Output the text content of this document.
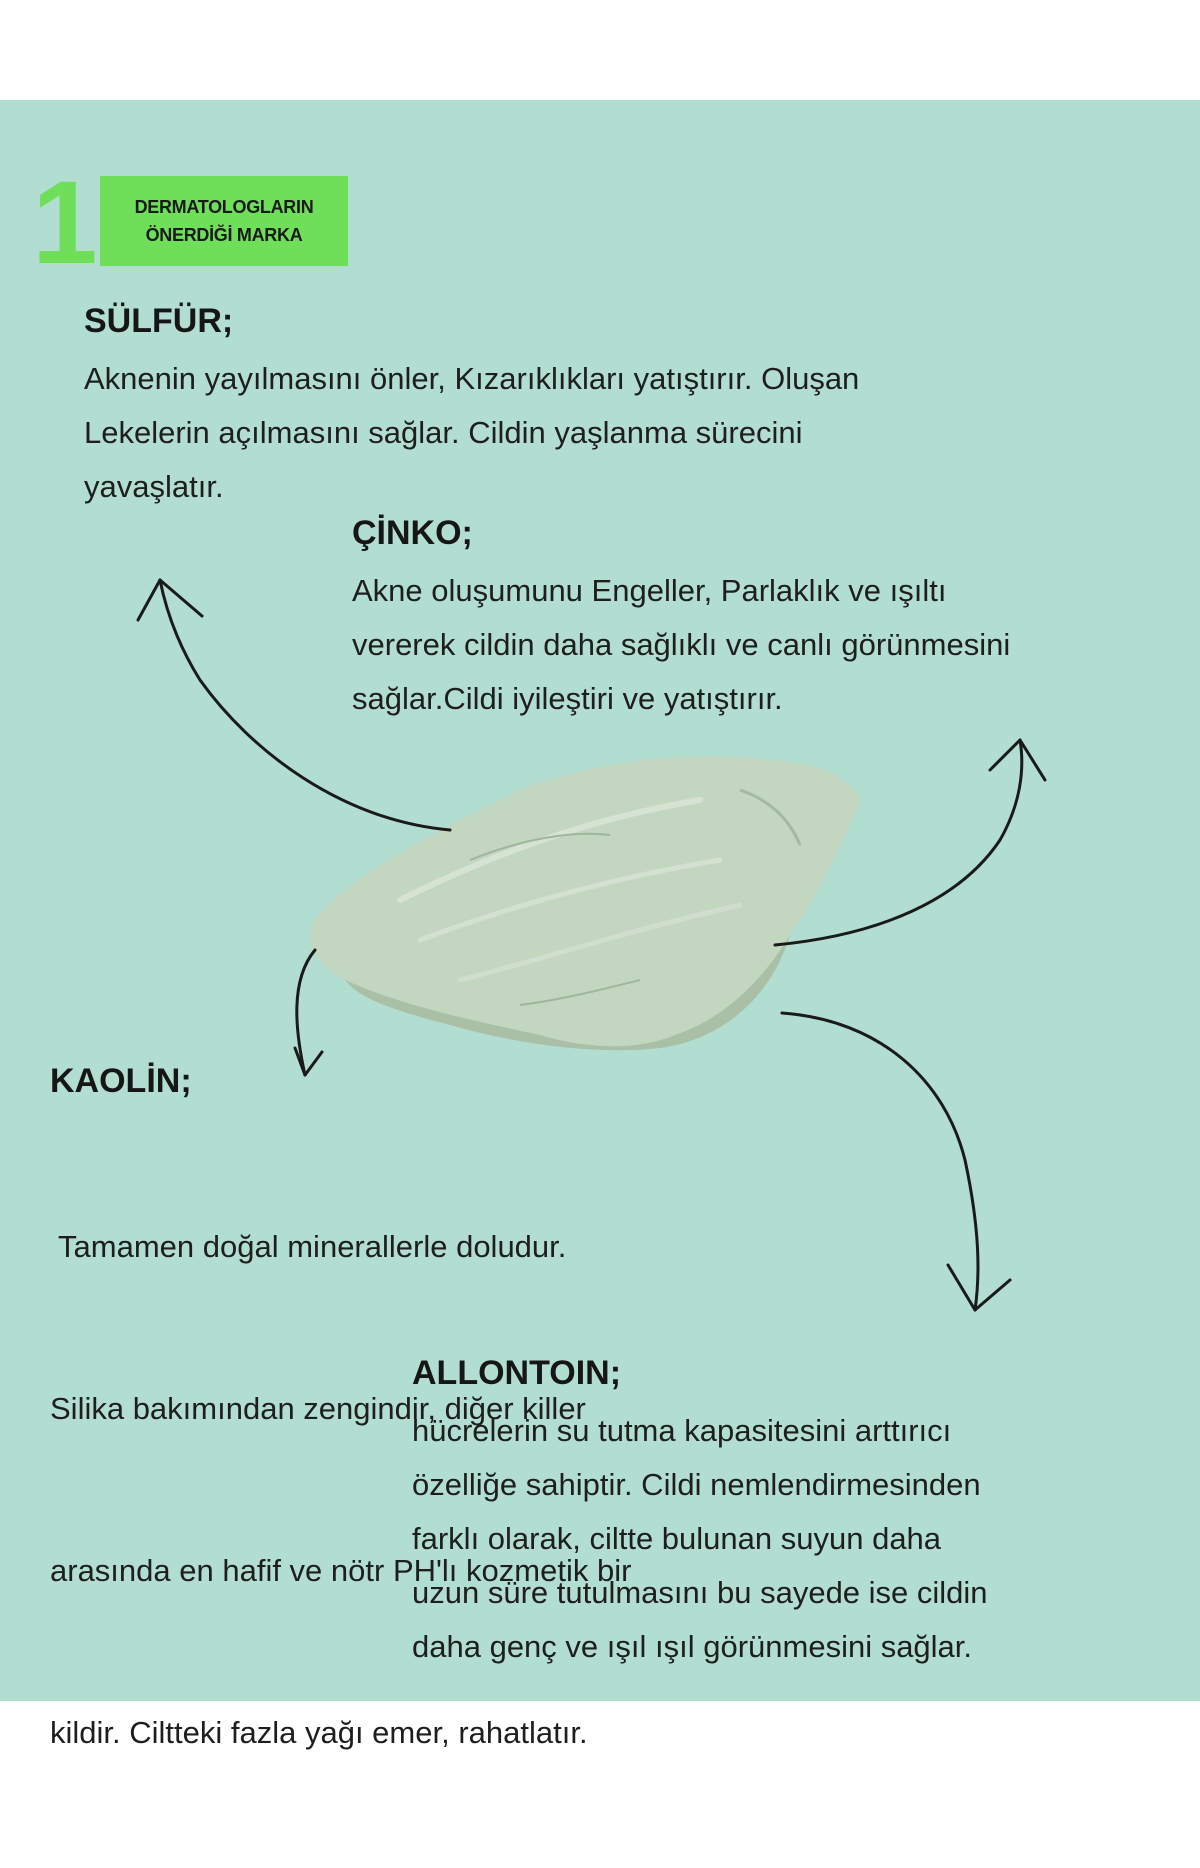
1 DERMATOLOGLARIN
ÖNERDİĞİ MARKA
SÜLFÜR;
Aknenin yayılmasını önler, Kızarıklıkları yatıştırır. Oluşan
Lekelerin açılmasını sağlar. Cildin yaşlanma sürecini
yavaşlatır.
ÇİNKO;
Akne oluşumunu Engeller, Parlaklık ve ışıltı
vererek cildin daha sağlıklı ve canlı görünmesini
sağlar.Cildi iyileştiri ve yatıştırır.
KAOLİN;

Tamamen doğal minerallerle doludur.

Silika bakımından zengindir, diğer killer

arasında en hafif ve nötr PH'lı kozmetik bir

kildir. Ciltteki fazla yağı emer, rahatlatır.

ALLONTOIN;
hücrelerin su tutma kapasitesini arttırıcı
özelliğe sahiptir. Cildi nemlendirmesinden
farklı olarak, ciltte bulunan suyun daha
uzun süre tutulmasını bu sayede ise cildin
daha genç ve ışıl ışıl görünmesini sağlar.
